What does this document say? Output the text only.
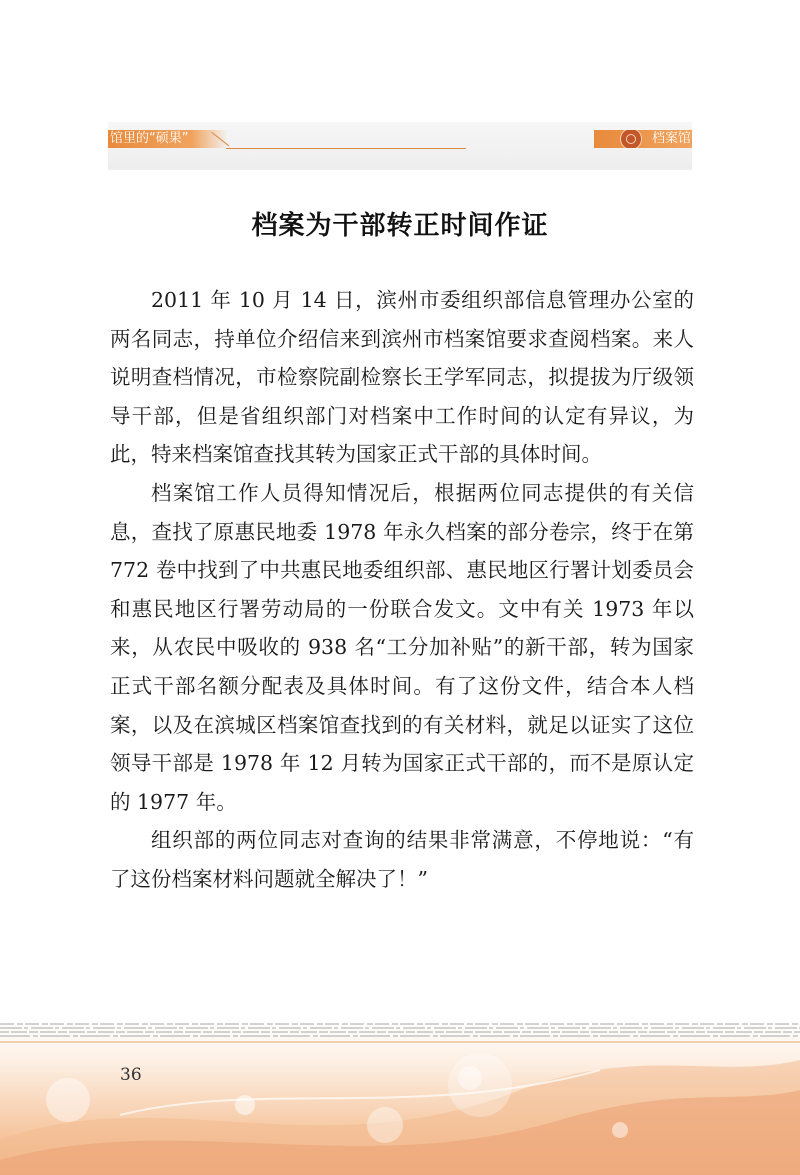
馆里的“硕果”	档案馆
档案为干部转正时间作证

2011 年 10 月 14 日，滨州市委组织部信息管理办公室的两名同志，持单位介绍信来到滨州市档案馆要求查阅档案。来人说明查档情况，市检察院副检察长王学军同志，拟提拔为厅级领导干部，但是省组织部门对档案中工作时间的认定有异议，为此，特来档案馆查找其转为国家正式干部的具体时间。

档案馆工作人员得知情况后，根据两位同志提供的有关信息，查找了原惠民地委 1978 年永久档案的部分卷宗，终于在第 772 卷中找到了中共惠民地委组织部、惠民地区行署计划委员会和惠民地区行署劳动局的一份联合发文。文中有关 1973 年以来，从农民中吸收的 938 名“工分加补贴”的新干部，转为国家正式干部名额分配表及具体时间。有了这份文件，结合本人档案，以及在滨城区档案馆查找到的有关材料，就足以证实了这位领导干部是 1978 年 12 月转为国家正式干部的，而不是原认定的 1977 年。

组织部的两位同志对查询的结果非常满意，不停地说：“有了这份档案材料问题就全解决了！”

36
